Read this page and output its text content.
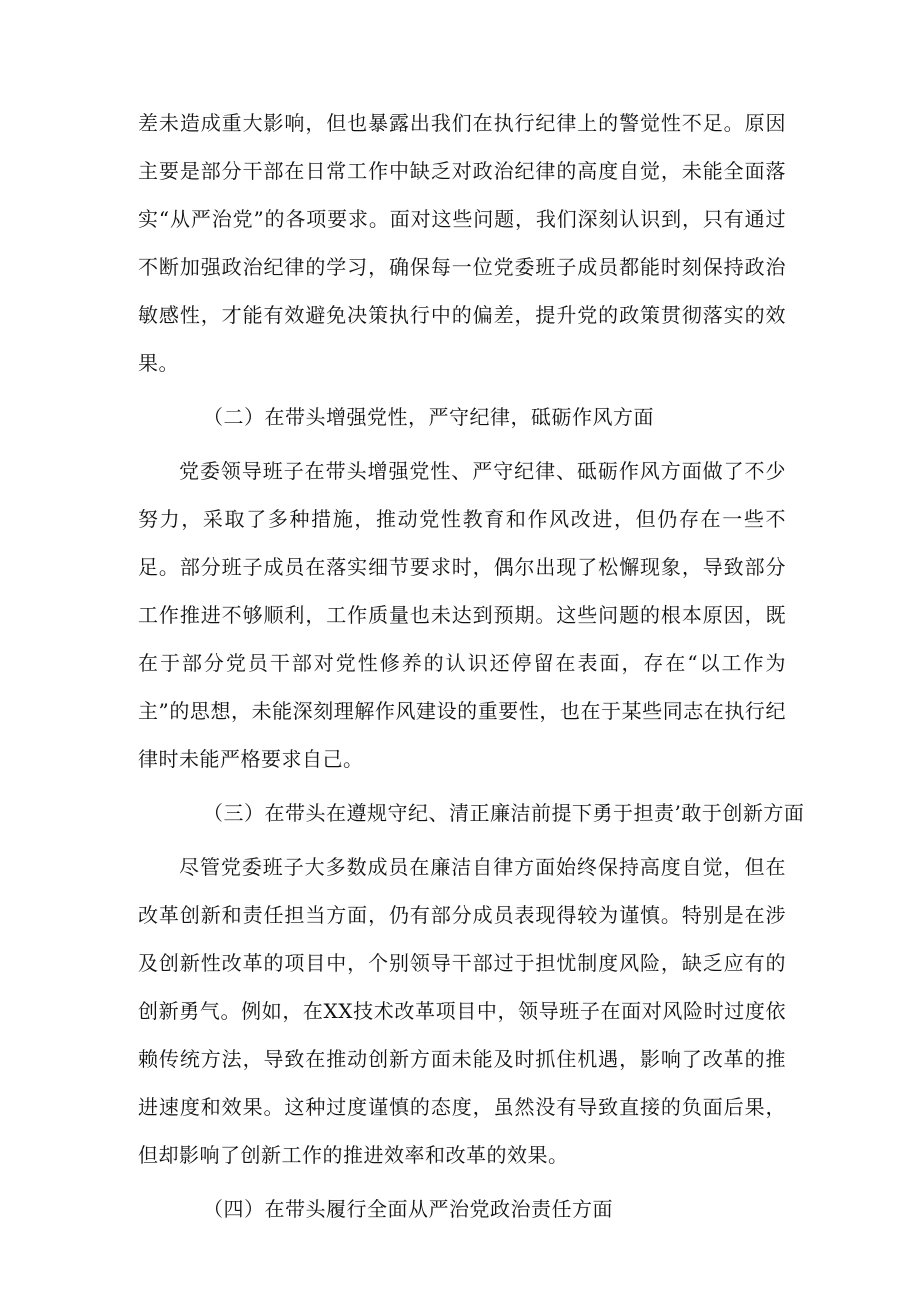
差未造成重大影响，但也暴露出我们在执行纪律上的警觉性不足。原因主要是部分干部在日常工作中缺乏对政治纪律的高度自觉，未能全面落实“从严治党”的各项要求。面对这些问题，我们深刻认识到，只有通过不断加强政治纪律的学习，确保每一位党委班子成员都能时刻保持政治敏感性，才能有效避免决策执行中的偏差，提升党的政策贯彻落实的效果。

（二）在带头增强党性，严守纪律，砥砺作风方面

党委领导班子在带头增强党性、严守纪律、砥砺作风方面做了不少努力，采取了多种措施，推动党性教育和作风改进，但仍存在一些不足。部分班子成员在落实细节要求时，偶尔出现了松懈现象，导致部分工作推进不够顺利，工作质量也未达到预期。这些问题的根本原因，既在于部分党员干部对党性修养的认识还停留在表面，存在“以工作为主”的思想，未能深刻理解作风建设的重要性，也在于某些同志在执行纪律时未能严格要求自己。

（三）在带头在遵规守纪、清正廉洁前提下勇于担责’敢于创新方面

尽管党委班子大多数成员在廉洁自律方面始终保持高度自觉，但在改革创新和责任担当方面，仍有部分成员表现得较为谨慎。特别是在涉及创新性改革的项目中，个别领导干部过于担忧制度风险，缺乏应有的创新勇气。例如，在XX技术改革项目中，领导班子在面对风险时过度依赖传统方法，导致在推动创新方面未能及时抓住机遇，影响了改革的推进速度和效果。这种过度谨慎的态度，虽然没有导致直接的负面后果，但却影响了创新工作的推进效率和改革的效果。

（四）在带头履行全面从严治党政治责任方面
